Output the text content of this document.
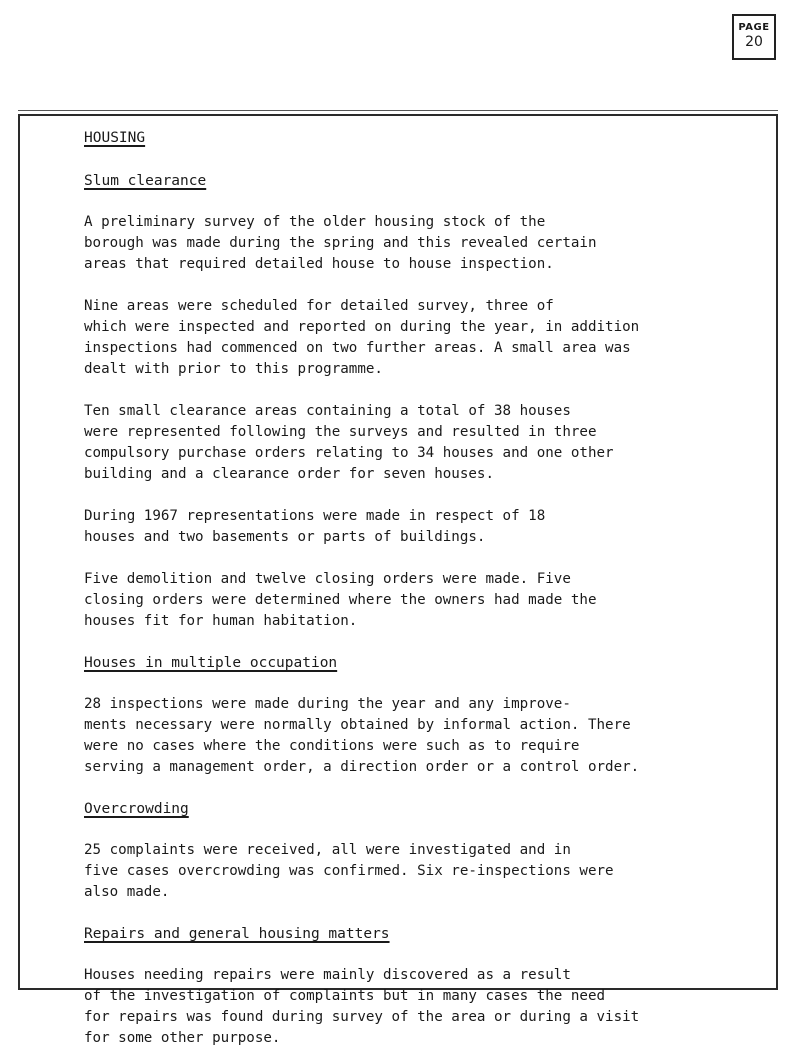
PAGE
20
HOUSING
Slum clearance

A preliminary survey of the older housing stock of the
borough was made during the spring and this revealed certain
areas that required detailed house to house inspection.

Nine areas were scheduled for detailed survey, three of
which were inspected and reported on during the year, in addition
inspections had commenced on two further areas. A small area was
dealt with prior to this programme.

Ten small clearance areas containing a total of 38 houses
were represented following the surveys and resulted in three
compulsory purchase orders relating to 34 houses and one other
building and a clearance order for seven houses.

During 1967 representations were made in respect of 18
houses and two basements or parts of buildings.

Five demolition and twelve closing orders were made. Five
closing orders were determined where the owners had made the
houses fit for human habitation.

Houses in multiple occupation

28 inspections were made during the year and any improve-
ments necessary were normally obtained by informal action. There
were no cases where the conditions were such as to require
serving a management order, a direction order or a control order.

Overcrowding

25 complaints were received, all were investigated and in
five cases overcrowding was confirmed. Six re-inspections were
also made.

Repairs and general housing matters

Houses needing repairs were mainly discovered as a result
of the investigation of complaints but in many cases the need
for repairs was found during survey of the area or during a visit
for some other purpose.
